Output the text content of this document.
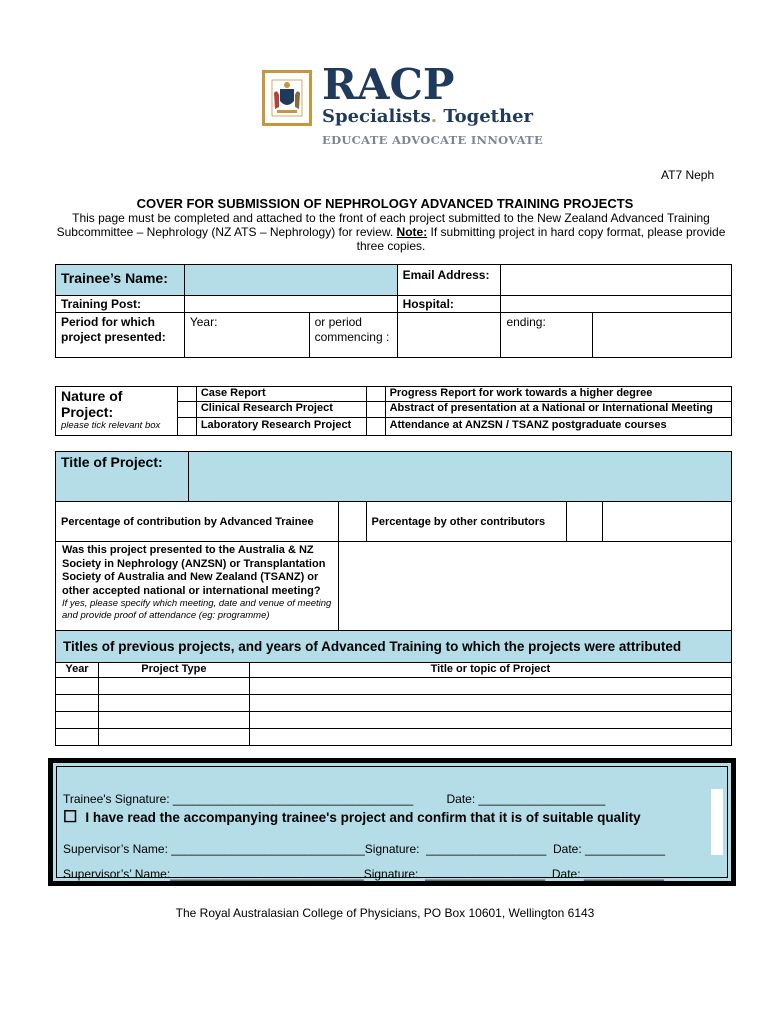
RACP
Specialists. Together
EDUCATE ADVOCATE INNOVATE
AT7 Neph
COVER FOR SUBMISSION OF NEPHROLOGY ADVANCED TRAINING PROJECTS
This page must be completed and attached to the front of each project submitted to the New Zealand Advanced Training Subcommittee – Nephrology (NZ ATS – Nephrology) for review. Note: If submitting project in hard copy format, please provide three copies.
Trainee’s Name:			Email Address:		
Training Post:			Hospital:		
Period for which project presented:	Year:	or period commencing :		ending:	
Nature of Project:
please tick relevant box		Case Report		Progress Report for work towards a higher degree
		Clinical Research Project		Abstract of presentation at a National or International Meeting
		Laboratory Research Project		Attendance at ANZSN / TSANZ postgraduate courses
Title of Project:					
Percentage of contribution by Advanced Trainee			Percentage by other contributors		

Was this project presented to the Australia & NZ Society in Nephrology (ANZSN) or Transplantation Society of Australia and New Zealand (TSANZ) or other accepted national or international meeting?
If yes, please specify which meeting, date and venue of meeting and provide proof of attendance (eg: programme)					

Titles of previous projects, and years of Advanced Training to which the projects were attributed		
Year	Project Type	Title or topic of Project

Trainee's Signature: ____________________________________          Date: ___________________
☐ I have read the accompanying trainee's project and confirm that it is of suitable quality
Supervisor’s Name: _____________________________Signature:  __________________  Date: ____________
Supervisor’s’ Name:_____________________________Signature:  __________________  Date: ____________
The Royal Australasian College of Physicians, PO Box 10601, Wellington 6143
